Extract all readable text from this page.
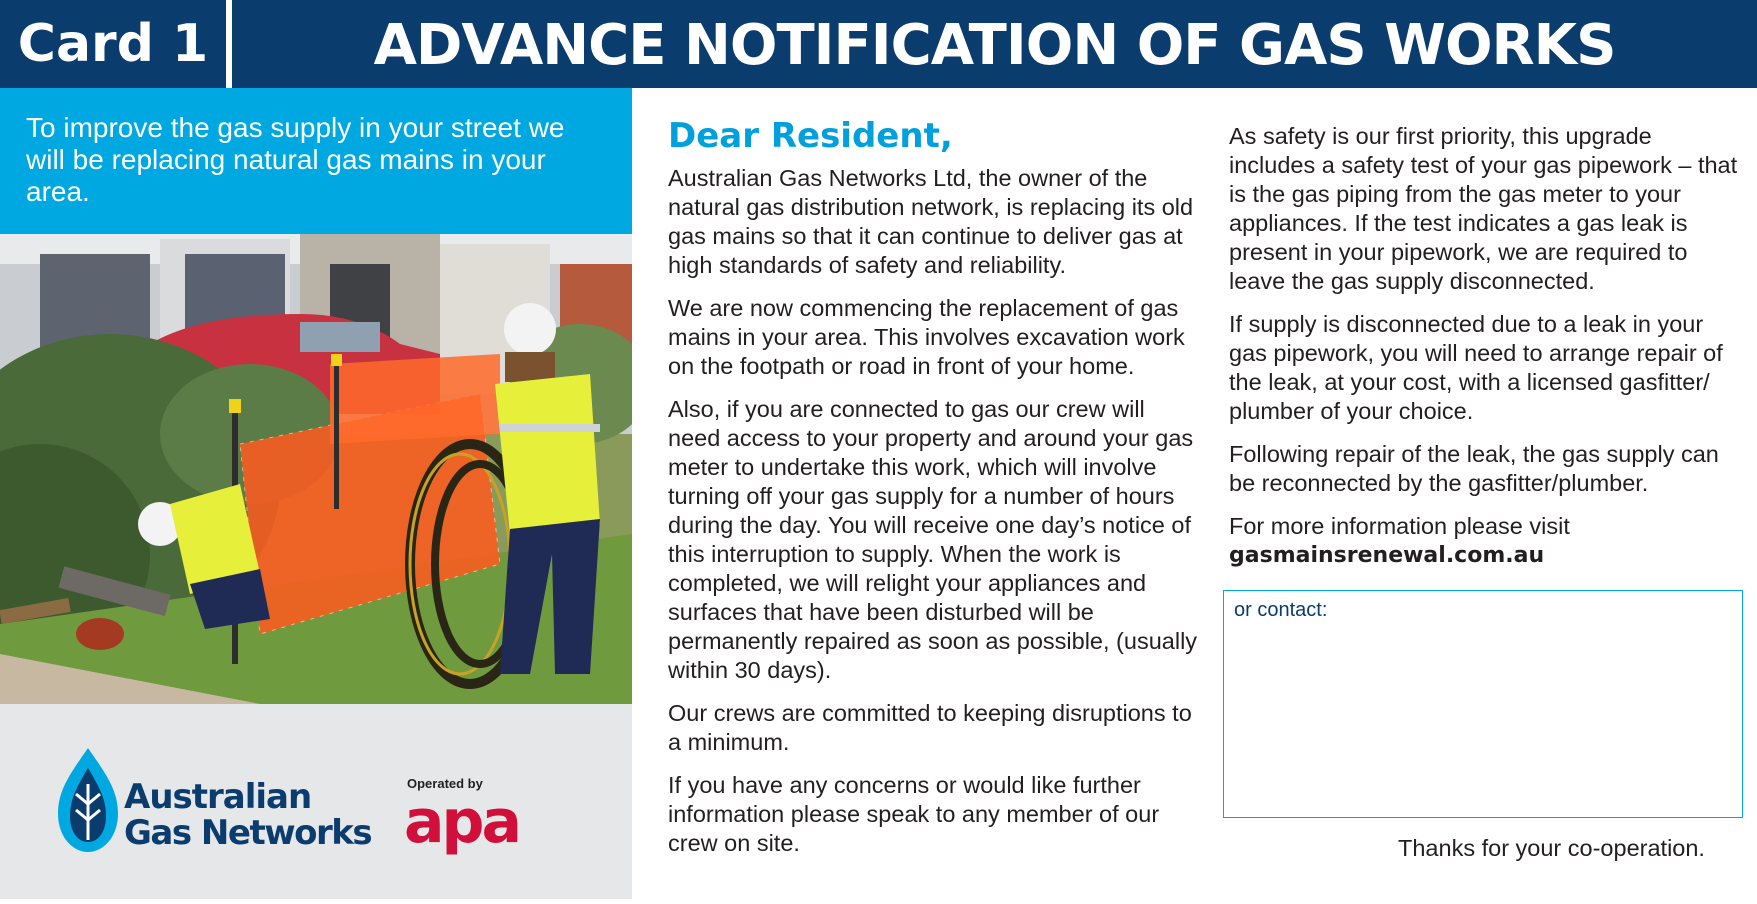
Card 1	ADVANCE NOTIFICATION OF GAS WORKS
To improve the gas supply in your street we will be replacing natural gas mains in your area.
Australian
Gas Networks
Operated by
apa
Dear Resident,

Australian Gas Networks Ltd, the owner of the natural gas distribution network, is replacing its old gas mains so that it can continue to deliver gas at high standards of safety and reliability.

We are now commencing the replacement of gas mains in your area. This involves excavation work on the footpath or road in front of your home.

Also, if you are connected to gas our crew will need access to your property and around your gas meter to undertake this work, which will involve turning off your gas supply for a number of hours during the day. You will receive one day’s notice of this interruption to supply. When the work is completed, we will relight your appliances and surfaces that have been disturbed will be permanently repaired as soon as possible, (usually within 30 days).

Our crews are committed to keeping disruptions to a minimum.

If you have any concerns or would like further information please speak to any member of our crew on site.

As safety is our first priority, this upgrade includes a safety test of your gas pipework – that is the gas piping from the gas meter to your appliances. If the test indicates a gas leak is present in your pipework, we are required to leave the gas supply disconnected.

If supply is disconnected due to a leak in your gas pipework, you will need to arrange repair of the leak, at your cost, with a licensed gasfitter/ plumber of your choice.

Following repair of the leak, the gas supply can be reconnected by the gasfitter/plumber.

For more information please visit
gasmainsrenewal.com.au
or contact:
Thanks for your co-operation.
